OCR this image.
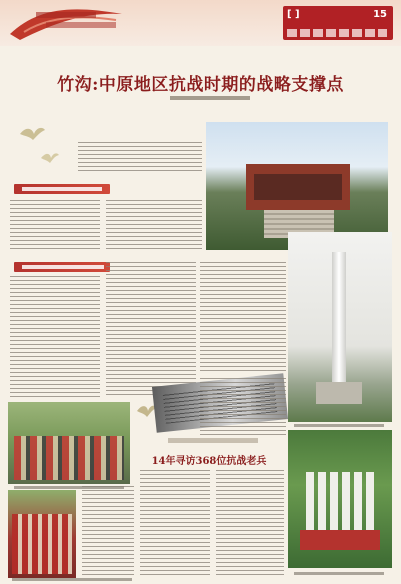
[ ]	15
竹沟:中原地区抗战时期的战略支撑点
14年寻访368位抗战老兵
